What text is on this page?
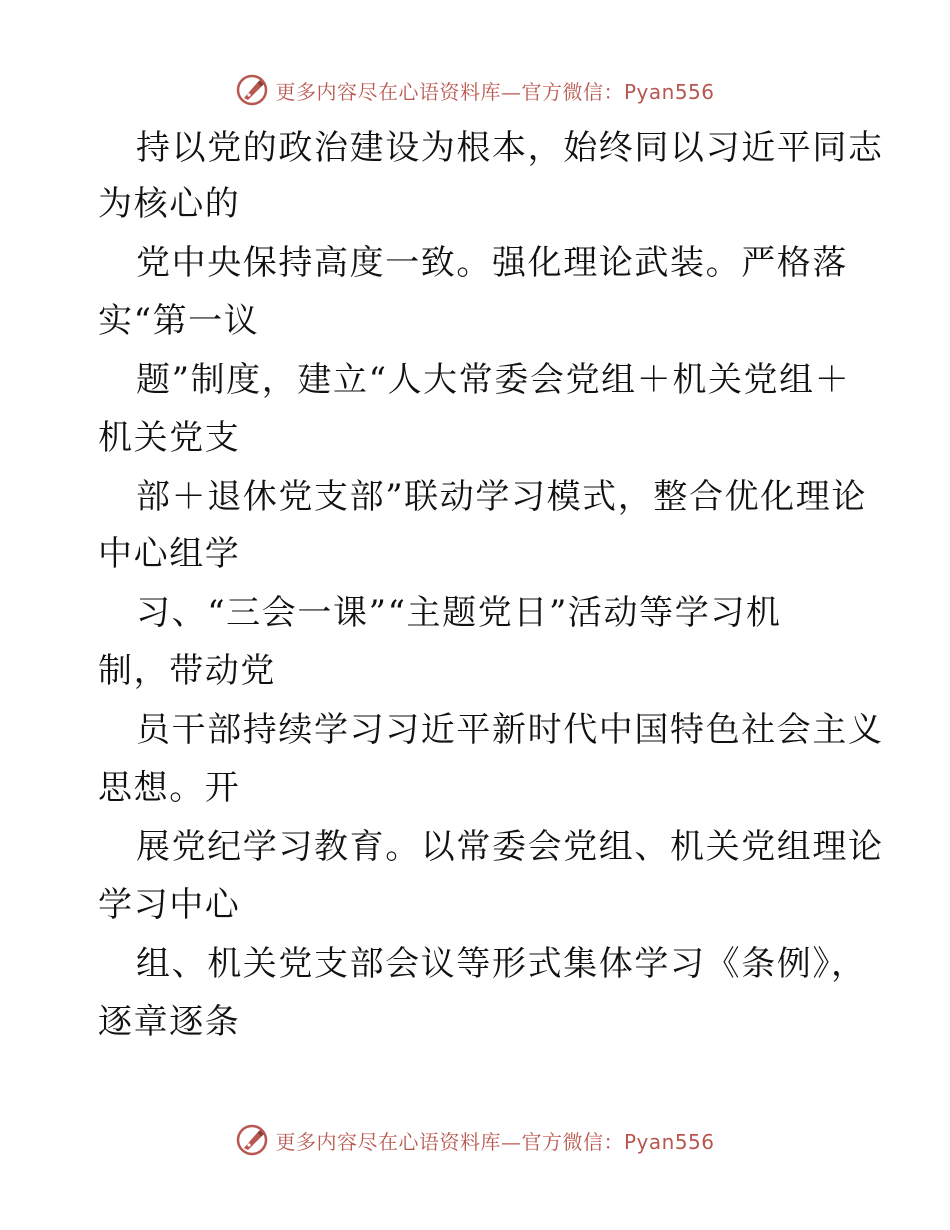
更多内容尽在心语资料库—官方微信：Pyan556
持以党的政治建设为根本，始终同以习近平同志
为核心的
党中央保持高度一致。强化理论武装。严格落
实“第一议
题”制度，建立“人大常委会党组＋机关党组＋
机关党支
部＋退休党支部”联动学习模式，整合优化理论
中心组学
习、“三会一课”“主题党日”活动等学习机
制，带动党
员干部持续学习习近平新时代中国特色社会主义
思想。开
展党纪学习教育。以常委会党组、机关党组理论
学习中心
组、机关党支部会议等形式集体学习《条例》，
逐章逐条
更多内容尽在心语资料库—官方微信：Pyan556
